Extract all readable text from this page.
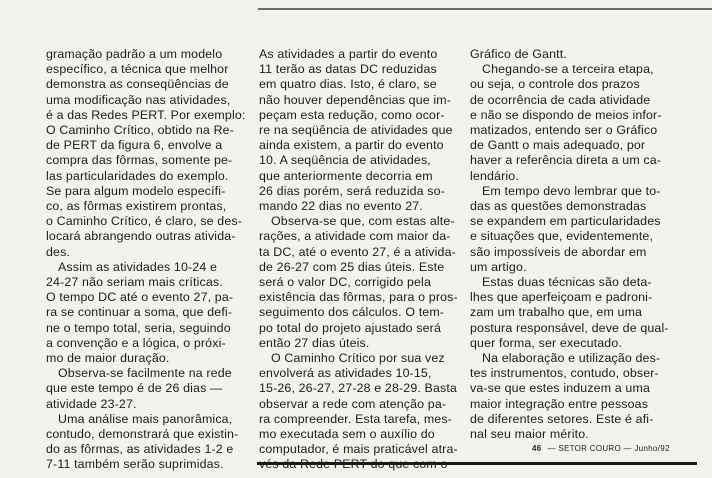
gramação padrão a um modelo
específico, a técnica que melhor
demonstra as conseqüências de
uma modificação nas atividades,
é a das Redes PERT. Por exemplo:
O Caminho Crítico, obtido na Re-
de PERT da figura 6, envolve a
compra das fôrmas, somente pe-
las particularidades do exemplo.
Se para algum modelo específi-
co, as fôrmas existirem prontas,
o Caminho Crítico, é claro, se des-
locará abrangendo outras ativida-
des.
Assim as atividades 10-24 e
24-27 não seriam mais críticas.
O tempo DC até o evento 27, pa-
ra se continuar a soma, que defi-
ne o tempo total, seria, seguindo
a convenção e a lógica, o próxi-
mo de maior duração.
Observa-se facilmente na rede
que este tempo é de 26 dias —
atividade 23-27.
Uma análise mais panorâmica,
contudo, demonstrará que existin-
do as fôrmas, as atividades 1-2 e
7-11 também serão suprimidas.
As atividades a partir do evento
11 terão as datas DC reduzidas
em quatro dias. Isto, é claro, se
não houver dependências que im-
peçam esta redução, como ocor-
re na seqüência de atividades que
ainda existem, a partir do evento
10. A seqüência de atividades,
que anteriormente decorria em
26 dias porém, será reduzida so-
mando 22 dias no evento 27.
Observa-se que, com estas alte-
rações, a atividade com maior da-
ta DC, até o evento 27, é a ativida-
de 26-27 com 25 dias úteis. Este
será o valor DC, corrigido pela
existência das fôrmas, para o pros-
seguimento dos cálculos. O tem-
po total do projeto ajustado será
então 27 dias úteis.
O Caminho Crítico por sua vez
envolverá as atividades 10-15,
15-26, 26-27, 27-28 e 28-29. Basta
observar a rede com atenção pa-
ra compreender. Esta tarefa, mes-
mo executada sem o auxílio do
computador, é mais praticável atra-
Gráfico de Gantt.
Chegando-se a terceira etapa,
ou seja, o controle dos prazos
de ocorrência de cada atividade
e não se dispondo de meios infor-
matizados, entendo ser o Gráfico
de Gantt o mais adequado, por
haver a referência direta a um ca-
lendário.
Em tempo devo lembrar que to-
das as questões demonstradas
se expandem em particularidades
e situações que, evidentemente,
são impossíveis de abordar em
um artigo.
Estas duas técnicas são deta-
lhes que aperfeiçoam e padroni-
zam um trabalho que, em uma
postura responsável, deve de qual-
quer forma, ser executado.
Na elaboração e utilização des-
tes instrumentos, contudo, obser-
va-se que estes induzem a uma
maior integração entre pessoas
de diferentes setores. Este é afi-
nal seu maior mérito.
46 — SETOR COURO — Junho/92
